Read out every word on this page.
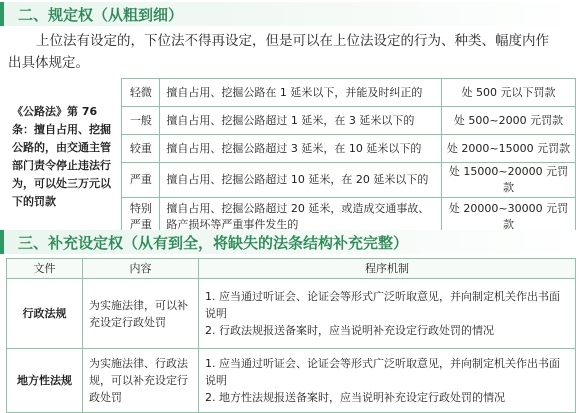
二、规定权（从粗到细）
上位法有设定的，下位法不得再设定，但是可以在上位法设定的行为、种类、幅度内作
出具体规定。
《公路法》第 76 条：擅自占用、挖掘公路的，由交通主管部门责令停止违法行为，可以处三万元以下的罚款	轻微	擅自占用、挖掘公路在 1 延米以下，并能及时纠正的	处 500 元以下罚款
	一般	擅自占用、挖掘公路超过 1 延米，在 3 延米以下的	处 500~2000 元罚款
	较重	擅自占用、挖掘公路超过 3 延米，在 10 延米以下的	处 2000~15000 元罚款
	严重	擅自占用、挖掘公路超过 10 延米，在 20 延米以下的	处 15000~20000 元罚款
	特别严重	擅自占用、挖掘公路超过 20 延米，或造成交通事故、路产损坏等严重事件发生的	处 20000~30000 元罚款
三、补充设定权（从有到全，将缺失的法条结构补充完整）
文件	内容	程序机制
行政法规	为实施法律，可以补充设定行政处罚	1. 应当通过听证会、论证会等形式广泛听取意见，并向制定机关作出书面说明
2. 行政法规报送备案时，应当说明补充设定行政处罚的情况

地方性法规	为实施法律、行政法规，可以补充设定行政处罚	1. 应当通过听证会、论证会等形式广泛听取意见，并向制定机关作出书面说明
2. 地方性法规报送备案时，应当说明补充设定行政处罚的情况
